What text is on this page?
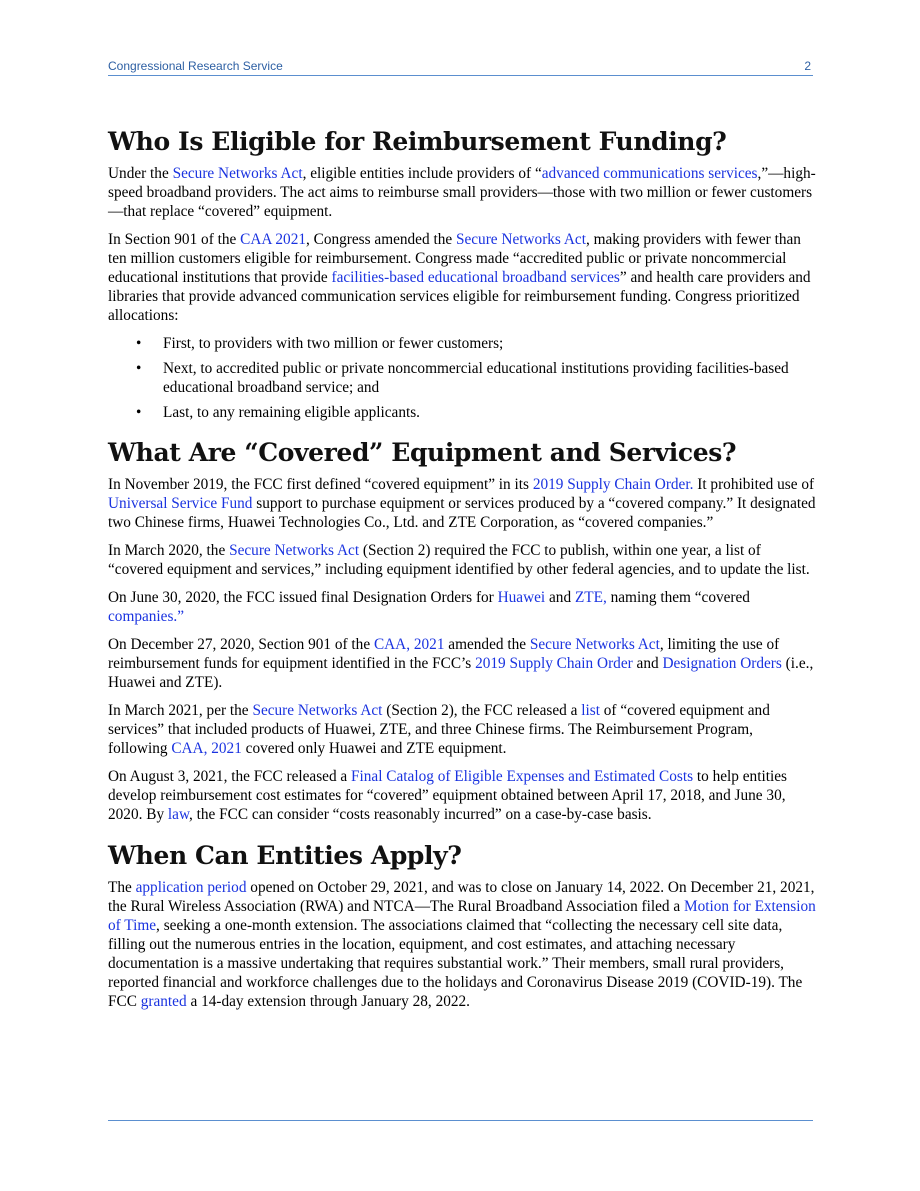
Congressional Research Service	2
Who Is Eligible for Reimbursement Funding?

Under the Secure Networks Act, eligible entities include providers of “advanced communications services,”—high-speed broadband providers. The act aims to reimburse small providers—those with two million or fewer customers—that replace “covered” equipment.

In Section 901 of the CAA 2021, Congress amended the Secure Networks Act, making providers with fewer than ten million customers eligible for reimbursement. Congress made “accredited public or private noncommercial educational institutions that provide facilities-based educational broadband services” and health care providers and libraries that provide advanced communication services eligible for reimbursement funding. Congress prioritized allocations:

• First, to providers with two million or fewer customers;
• Next, to accredited public or private noncommercial educational institutions providing facilities-based educational broadband service; and
• Last, to any remaining eligible applicants.
What Are “Covered” Equipment and Services?

In November 2019, the FCC first defined “covered equipment” in its 2019 Supply Chain Order. It prohibited use of Universal Service Fund support to purchase equipment or services produced by a “covered company.” It designated two Chinese firms, Huawei Technologies Co., Ltd. and ZTE Corporation, as “covered companies.”

In March 2020, the Secure Networks Act (Section 2) required the FCC to publish, within one year, a list of “covered equipment and services,” including equipment identified by other federal agencies, and to update the list.

On June 30, 2020, the FCC issued final Designation Orders for Huawei and ZTE, naming them “covered companies.”

On December 27, 2020, Section 901 of the CAA, 2021 amended the Secure Networks Act, limiting the use of reimbursement funds for equipment identified in the FCC’s 2019 Supply Chain Order and Designation Orders (i.e., Huawei and ZTE).

In March 2021, per the Secure Networks Act (Section 2), the FCC released a list of “covered equipment and services” that included products of Huawei, ZTE, and three Chinese firms. The Reimbursement Program, following CAA, 2021 covered only Huawei and ZTE equipment.

On August 3, 2021, the FCC released a Final Catalog of Eligible Expenses and Estimated Costs to help entities develop reimbursement cost estimates for “covered” equipment obtained between April 17, 2018, and June 30, 2020. By law, the FCC can consider “costs reasonably incurred” on a case-by-case basis.

When Can Entities Apply?

The application period opened on October 29, 2021, and was to close on January 14, 2022. On December 21, 2021, the Rural Wireless Association (RWA) and NTCA—The Rural Broadband Association filed a Motion for Extension of Time, seeking a one-month extension. The associations claimed that “collecting the necessary cell site data, filling out the numerous entries in the location, equipment, and cost estimates, and attaching necessary documentation is a massive undertaking that requires substantial work.” Their members, small rural providers, reported financial and workforce challenges due to the holidays and Coronavirus Disease 2019 (COVID-19). The FCC granted a 14-day extension through January 28, 2022.
